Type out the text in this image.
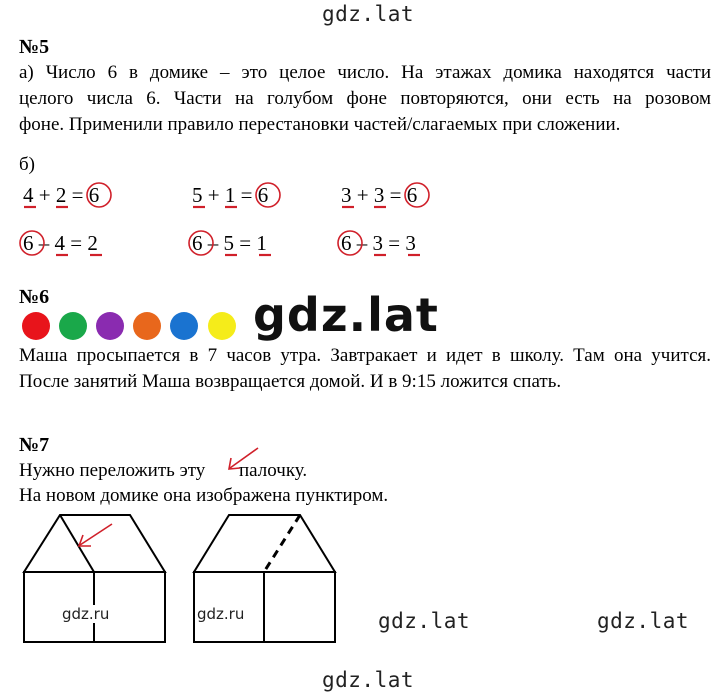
gdz.lat
№5
а) Число 6 в домике – это целое число. На этажах домика находятся части
целого числа 6. Части на голубом фоне повторяются, они есть на розовом
фоне. Применили правило перестановки частей/слагаемых при сложении.
б)
4 + 2 = 6	5 + 1 = 6	3 + 3 = 6
6 – 4 = 2	6 – 5 = 1	6 – 3 = 3
№6	gdz.lat
Маша просыпается в 7 часов утра. Завтракает и идет в школу. Там она учится.
После занятий Маша возвращается домой. И в 9:15 ложится спать.
№7
Нужно переложить эту палочку.
На новом домике она изображена пунктиром.
gdz.ru	gdz.ru	gdz.lat	gdz.lat
gdz.lat
